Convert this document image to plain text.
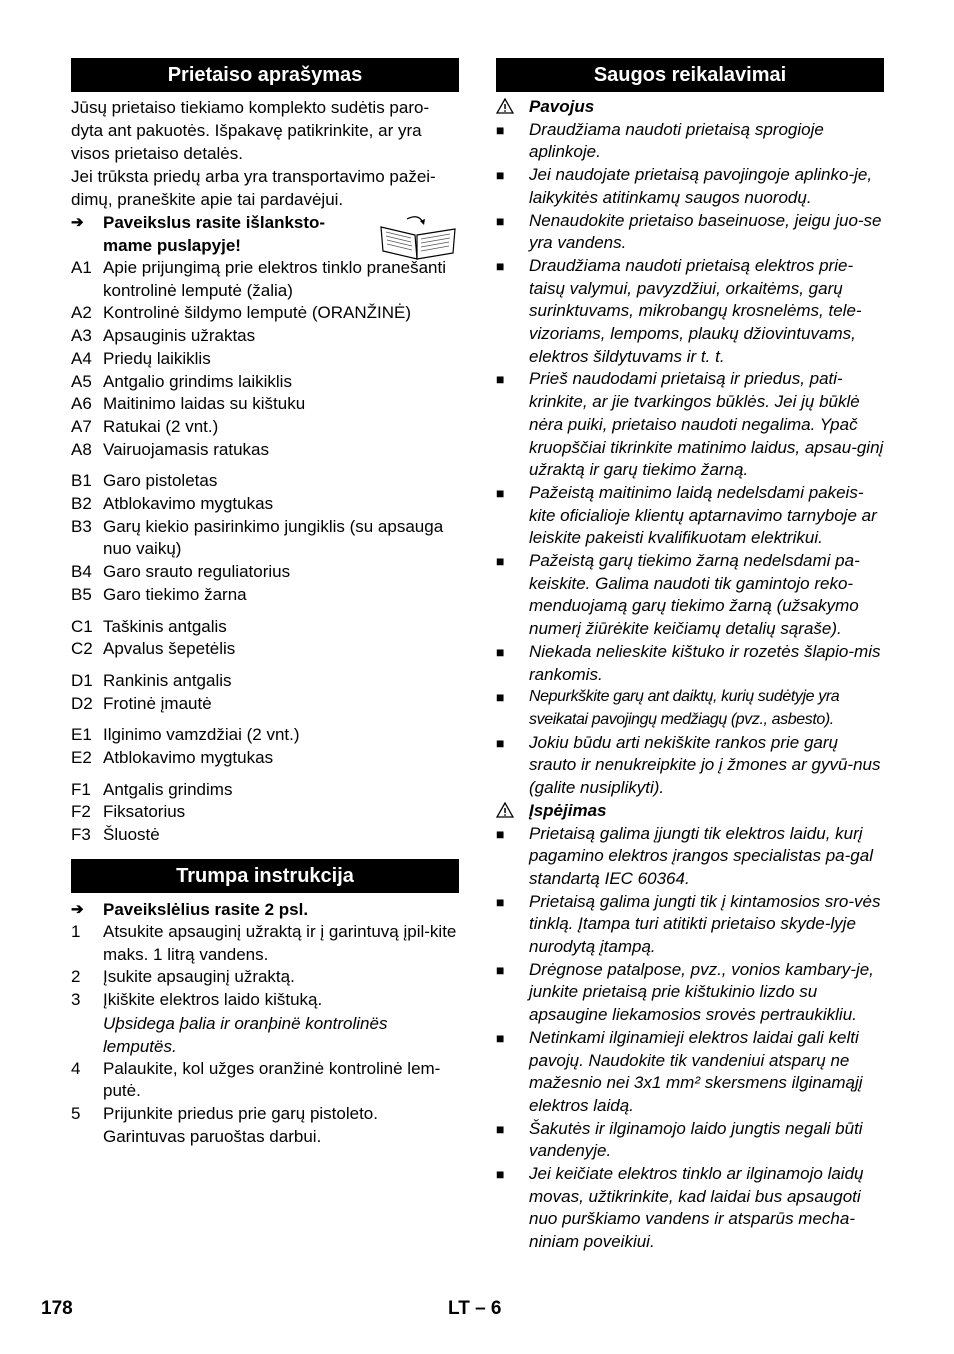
Prietaiso aprašymas

Jūsų prietaiso tiekiamo komplekto sudėtis paro-

dyta ant pakuotės. Išpakavę patikrinkite, ar yra

visos prietaiso detalės.

Jei trūksta priedų arba yra transportavimo pažei-

dimų, praneškite apie tai pardavėjui.

➔	Paveikslus rasite išlanksto-
mame puslapyje!
A1 Apie prijungimą prie elektros tinklo pranešanti kontrolinė lemputė (žalia)
A2 Kontrolinė šildymo lemputė (ORANŽINĖ)
A3 Apsauginis užraktas
A4 Priedų laikiklis
A5 Antgalio grindims laikiklis
A6 Maitinimo laidas su kištuku
A7 Ratukai (2 vnt.)
A8 Vairuojamasis ratukas
B1 Garo pistoletas
B2 Atblokavimo mygtukas
B3 Garų kiekio pasirinkimo jungiklis (su apsauga nuo vaikų)
B4 Garo srauto reguliatorius
B5 Garo tiekimo žarna
C1 Taškinis antgalis
C2 Apvalus šepetėlis
D1 Rankinis antgalis
D2 Frotinė įmautė
E1 Ilginimo vamzdžiai (2 vnt.)
E2 Atblokavimo mygtukas
F1 Antgalis grindims
F2 Fiksatorius
F3 Šluostė
Trumpa instrukcija
➔	Paveikslėlius rasite 2 psl.
1	Atsukite apsauginį užraktą ir į garintuvą įpil-kite maks. 1 litrą vandens.
2	Įsukite apsauginį užraktą.
3	Įkiškite elektros laido kištuką.
Uþsidega þalia ir oranþinë kontrolinës lemputës.
4	Palaukite, kol užges oranžinė kontrolinė lem-putė.
5	Prijunkite priedus prie garų pistoleto. Garintuvas paruoštas darbui.
Saugos reikalavimai
Pavojus
■	Draudžiama naudoti prietaisą sprogioje aplinkoje.
■	Jei naudojate prietaisą pavojingoje aplinko-je, laikykitės atitinkamų saugos nuorodų.
■	Nenaudokite prietaiso baseinuose, jeigu juo-se yra vandens.
■	Draudžiama naudoti prietaisą elektros prie-taisų valymui, pavyzdžiui, orkaitėms, garų surinktuvams, mikrobangų krosnelėms, tele-vizoriams, lempoms, plaukų džiovintuvams, elektros šildytuvams ir t. t.
■	Prieš naudodami prietaisą ir priedus, pati-krinkite, ar jie tvarkingos būklės. Jei jų būklė nėra puiki, prietaiso naudoti negalima. Ypač kruopščiai tikrinkite matinimo laidus, apsau-ginį užraktą ir garų tiekimo žarną.
■	Pažeistą maitinimo laidą nedelsdami pakeis-kite oficialioje klientų aptarnavimo tarnyboje ar leiskite pakeisti kvalifikuotam elektrikui.
■	Pažeistą garų tiekimo žarną nedelsdami pa-keiskite. Galima naudoti tik gamintojo reko-menduojamą garų tiekimo žarną (užsakymo numerį žiūrėkite keičiamų detalių sąraše).
■	Niekada nelieskite kištuko ir rozetės šlapio-mis rankomis.
■	Nepurkškite garų ant daiktų, kurių sudėtyje yra sveikatai pavojingų medžiagų (pvz., asbesto).
■	Jokiu būdu arti nekiškite rankos prie garų srauto ir nenukreipkite jo į žmones ar gyvū-nus (galite nusiplikyti).
Įspėjimas
■	Prietaisą galima įjungti tik elektros laidu, kurį pagamino elektros įrangos specialistas pa-gal standartą IEC 60364.
■	Prietaisą galima jungti tik į kintamosios sro-vės tinklą. Įtampa turi atitikti prietaiso skyde-lyje nurodytą įtampą.
■	Drėgnose patalpose, pvz., vonios kambary-je, junkite prietaisą prie kištukinio lizdo su apsaugine liekamosios srovės pertraukikliu.
■	Netinkami ilginamieji elektros laidai gali kelti pavojų. Naudokite tik vandeniui atsparų ne mažesnio nei 3x1 mm² skersmens ilginamąjį elektros laidą.
■	Šakutės ir ilginamojo laido jungtis negali būti vandenyje.
■	Jei keičiate elektros tinklo ar ilginamojo laidų movas, užtikrinkite, kad laidai bus apsaugoti nuo purškiamo vandens ir atsparūs mecha-niniam poveikiui.
178	LT – 6
